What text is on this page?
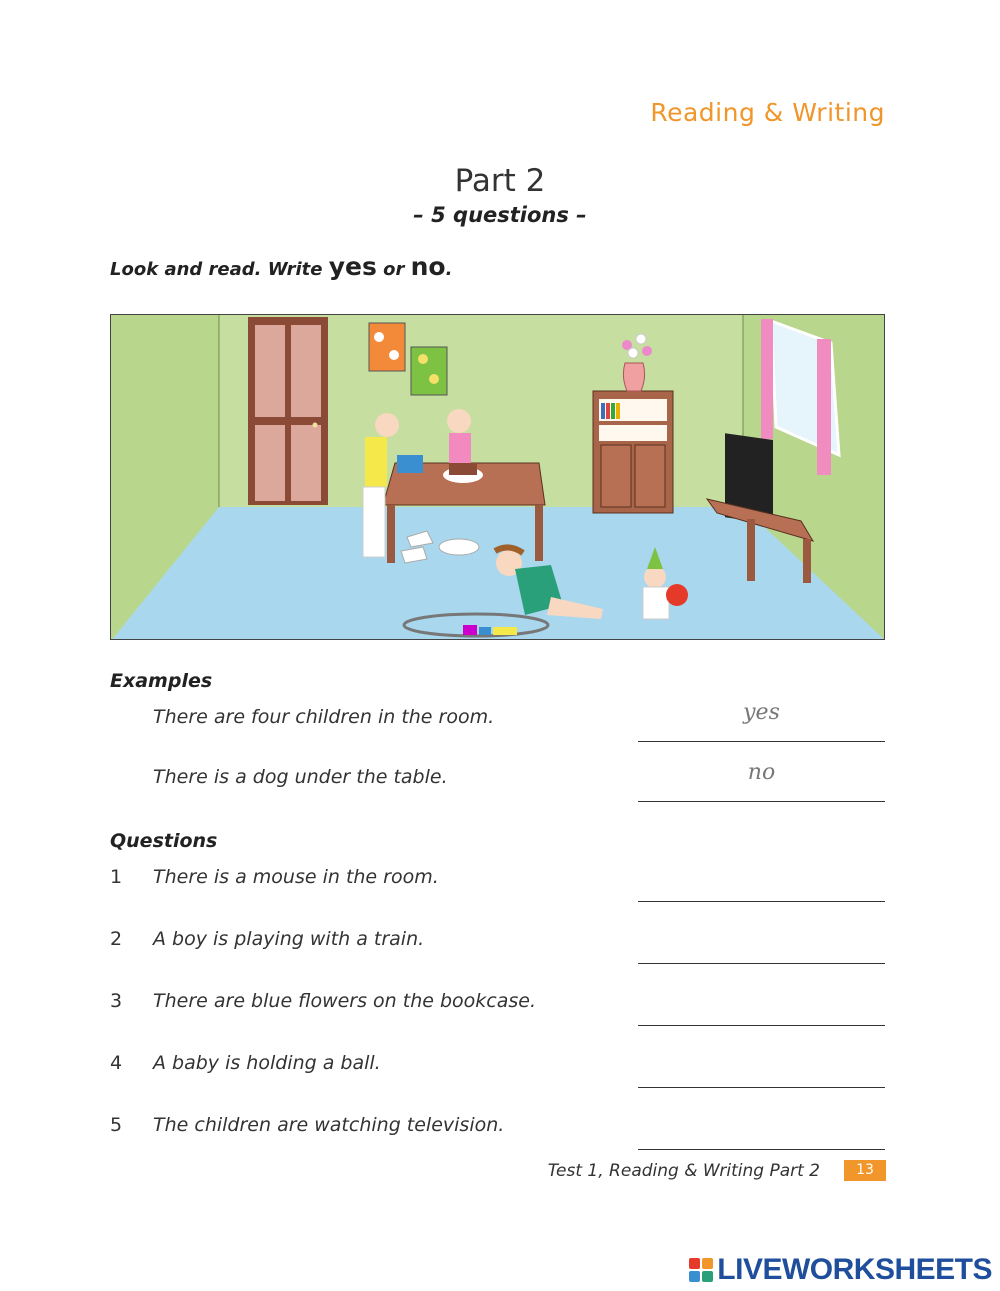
Reading & Writing
Part 2
– 5 questions –
Look and read. Write yes or no.
Examples
There are four children in the room.	yes
There is a dog under the table.	no
Questions
1 There is a mouse in the room.
2 A boy is playing with a train.
3 There are blue flowers on the bookcase.
4 A baby is holding a ball.
5 The children are watching television.
Test 1, Reading & Writing Part 2	13
LIVEWORKSHEETS
